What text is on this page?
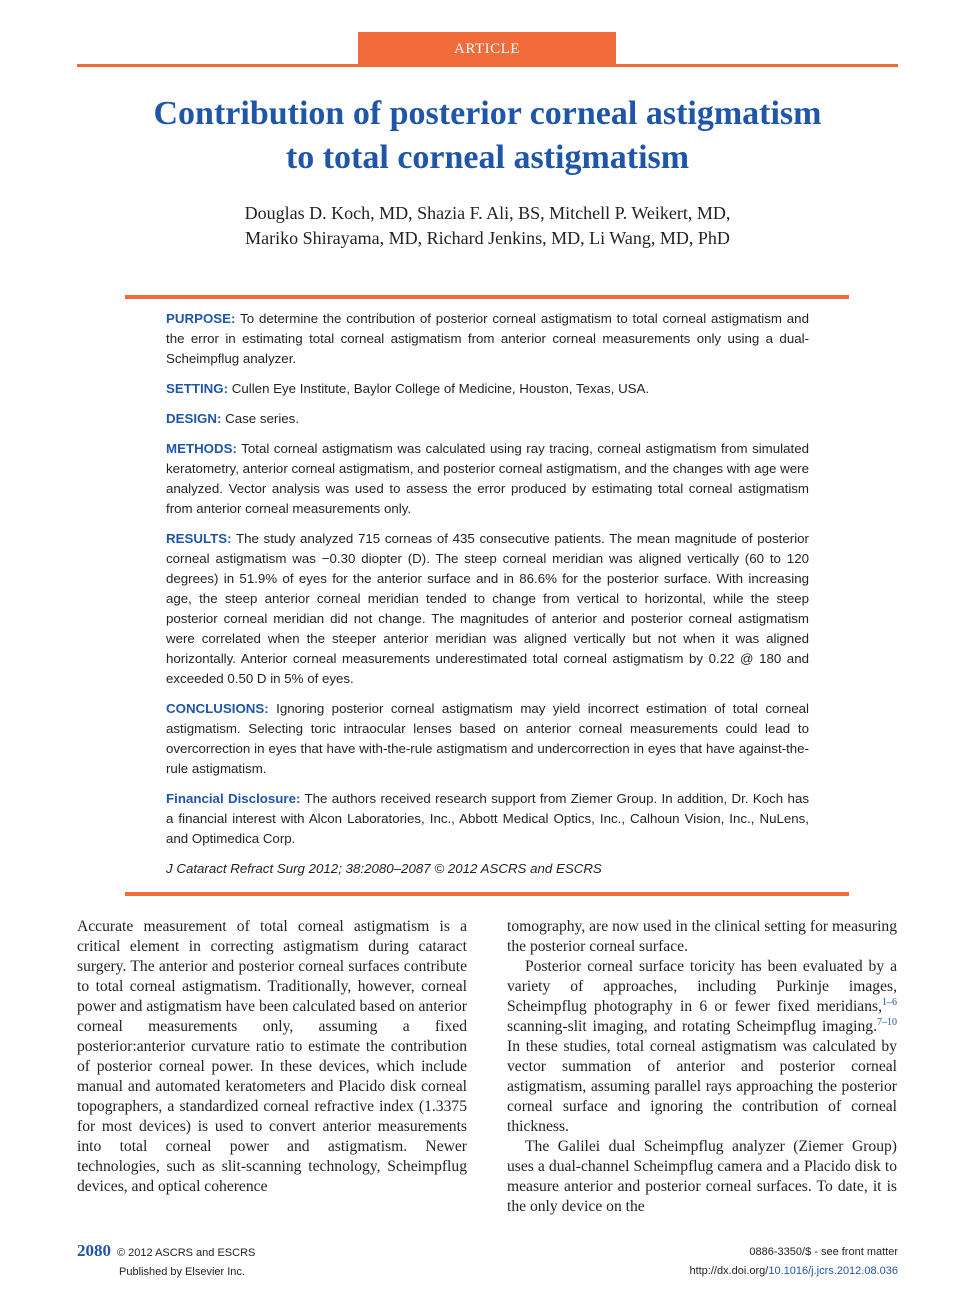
ARTICLE
Contribution of posterior corneal astigmatism
to total corneal astigmatism
Douglas D. Koch, MD, Shazia F. Ali, BS, Mitchell P. Weikert, MD,
Mariko Shirayama, MD, Richard Jenkins, MD, Li Wang, MD, PhD

PURPOSE: To determine the contribution of posterior corneal astigmatism to total corneal astigmatism and the error in estimating total corneal astigmatism from anterior corneal measurements only using a dual-Scheimpflug analyzer.

SETTING: Cullen Eye Institute, Baylor College of Medicine, Houston, Texas, USA.

DESIGN: Case series.

METHODS: Total corneal astigmatism was calculated using ray tracing, corneal astigmatism from simulated keratometry, anterior corneal astigmatism, and posterior corneal astigmatism, and the changes with age were analyzed. Vector analysis was used to assess the error produced by estimating total corneal astigmatism from anterior corneal measurements only.

RESULTS: The study analyzed 715 corneas of 435 consecutive patients. The mean magnitude of posterior corneal astigmatism was −0.30 diopter (D). The steep corneal meridian was aligned vertically (60 to 120 degrees) in 51.9% of eyes for the anterior surface and in 86.6% for the posterior surface. With increasing age, the steep anterior corneal meridian tended to change from vertical to horizontal, while the steep posterior corneal meridian did not change. The magnitudes of anterior and posterior corneal astigmatism were correlated when the steeper anterior meridian was aligned vertically but not when it was aligned horizontally. Anterior corneal measurements underestimated total corneal astigmatism by 0.22 @ 180 and exceeded 0.50 D in 5% of eyes.

CONCLUSIONS: Ignoring posterior corneal astigmatism may yield incorrect estimation of total corneal astigmatism. Selecting toric intraocular lenses based on anterior corneal measurements could lead to overcorrection in eyes that have with-the-rule astigmatism and undercorrection in eyes that have against-the-rule astigmatism.

Financial Disclosure: The authors received research support from Ziemer Group. In addition, Dr. Koch has a financial interest with Alcon Laboratories, Inc., Abbott Medical Optics, Inc., Calhoun Vision, Inc., NuLens, and Optimedica Corp.

J Cataract Refract Surg 2012; 38:2080–2087 © 2012 ASCRS and ESCRS

Accurate measurement of total corneal astigmatism is a critical element in correcting astigmatism during cataract surgery. The anterior and posterior corneal surfaces contribute to total corneal astigmatism. Traditionally, however, corneal power and astigmatism have been calculated based on anterior corneal measurements only, assuming a fixed posterior:anterior curvature ratio to estimate the contribution of posterior corneal power. In these devices, which include manual and automated keratometers and Placido disk corneal topographers, a standardized corneal refractive index (1.3375 for most devices) is used to convert anterior measurements into total corneal power and astigmatism. Newer technologies, such as slit-scanning technology, Scheimpflug devices, and optical coherence

tomography, are now used in the clinical setting for measuring the posterior corneal surface.

Posterior corneal surface toricity has been evaluated by a variety of approaches, including Purkinje images, Scheimpflug photography in 6 or fewer fixed meridians,$^{1-6}$ scanning-slit imaging, and rotating Scheimpflug imaging.$^{7-10}$ In these studies, total corneal astigmatism was calculated by vector summation of anterior and posterior corneal astigmatism, assuming parallel rays approaching the posterior corneal surface and ignoring the contribution of corneal thickness.

The Galilei dual Scheimpflug analyzer (Ziemer Group) uses a dual-channel Scheimpflug camera and a Placido disk to measure anterior and posterior corneal surfaces. To date, it is the only device on the

2080 © 2012 ASCRS and ESCRS
Published by Elsevier Inc.
0886-3350/$ - see front matter
http://dx.doi.org/10.1016/j.jcrs.2012.08.036
